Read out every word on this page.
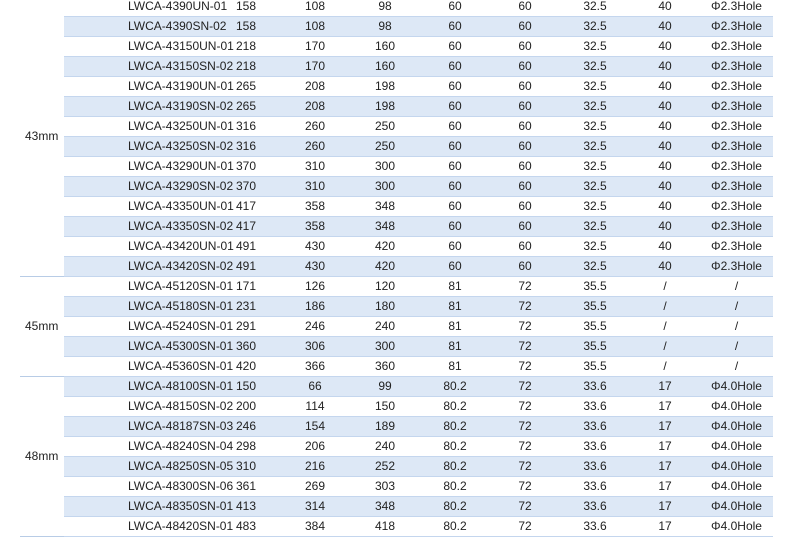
43mm	LWCA-4390UN-01	158	108	98	60	60	32.5	40	Φ2.3Hole
	LWCA-4390SN-02	158	108	98	60	60	32.5	40	Φ2.3Hole
	LWCA-43150UN-01	218	170	160	60	60	32.5	40	Φ2.3Hole
	LWCA-43150SN-02	218	170	160	60	60	32.5	40	Φ2.3Hole
	LWCA-43190UN-01	265	208	198	60	60	32.5	40	Φ2.3Hole
	LWCA-43190SN-02	265	208	198	60	60	32.5	40	Φ2.3Hole
	LWCA-43250UN-01	316	260	250	60	60	32.5	40	Φ2.3Hole
	LWCA-43250SN-02	316	260	250	60	60	32.5	40	Φ2.3Hole
	LWCA-43290UN-01	370	310	300	60	60	32.5	40	Φ2.3Hole
	LWCA-43290SN-02	370	310	300	60	60	32.5	40	Φ2.3Hole
	LWCA-43350UN-01	417	358	348	60	60	32.5	40	Φ2.3Hole
	LWCA-43350SN-02	417	358	348	60	60	32.5	40	Φ2.3Hole
	LWCA-43420UN-01	491	430	420	60	60	32.5	40	Φ2.3Hole
	LWCA-43420SN-02	491	430	420	60	60	32.5	40	Φ2.3Hole
45mm	LWCA-45120SN-01	171	126	120	81	72	35.5	/	/
	LWCA-45180SN-01	231	186	180	81	72	35.5	/	/
	LWCA-45240SN-01	291	246	240	81	72	35.5	/	/
	LWCA-45300SN-01	360	306	300	81	72	35.5	/	/
	LWCA-45360SN-01	420	366	360	81	72	35.5	/	/
48mm	LWCA-48100SN-01	150	66	99	80.2	72	33.6	17	Φ4.0Hole
	LWCA-48150SN-02	200	114	150	80.2	72	33.6	17	Φ4.0Hole
	LWCA-48187SN-03	246	154	189	80.2	72	33.6	17	Φ4.0Hole
	LWCA-48240SN-04	298	206	240	80.2	72	33.6	17	Φ4.0Hole
	LWCA-48250SN-05	310	216	252	80.2	72	33.6	17	Φ4.0Hole
	LWCA-48300SN-06	361	269	303	80.2	72	33.6	17	Φ4.0Hole
	LWCA-48350SN-01	413	314	348	80.2	72	33.6	17	Φ4.0Hole
	LWCA-48420SN-01	483	384	418	80.2	72	33.6	17	Φ4.0Hole
